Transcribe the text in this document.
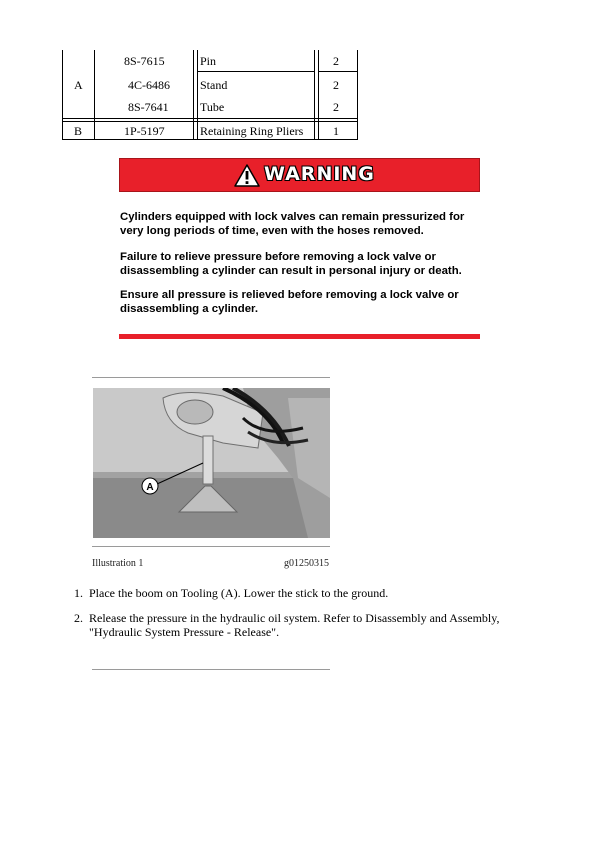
A
8S-7615	Pin	2
4C-6486	Stand	2
8S-7641	Tube	2
B	1P-5197	Retaining Ring Pliers 1
WARNING
Cylinders equipped with lock valves can remain pressurized for very long periods of time, even with the hoses removed.
Failure to relieve pressure before removing a lock valve or disassembling a cylinder can result in personal injury or death.
Ensure all pressure is relieved before removing a lock valve or disassembling a cylinder.
A
Illustration 1	g01250315
1. Place the boom on Tooling (A). Lower the stick to the ground.
2. Release the pressure in the hydraulic oil system. Refer to Disassembly and Assembly, "Hydraulic System Pressure - Release".
